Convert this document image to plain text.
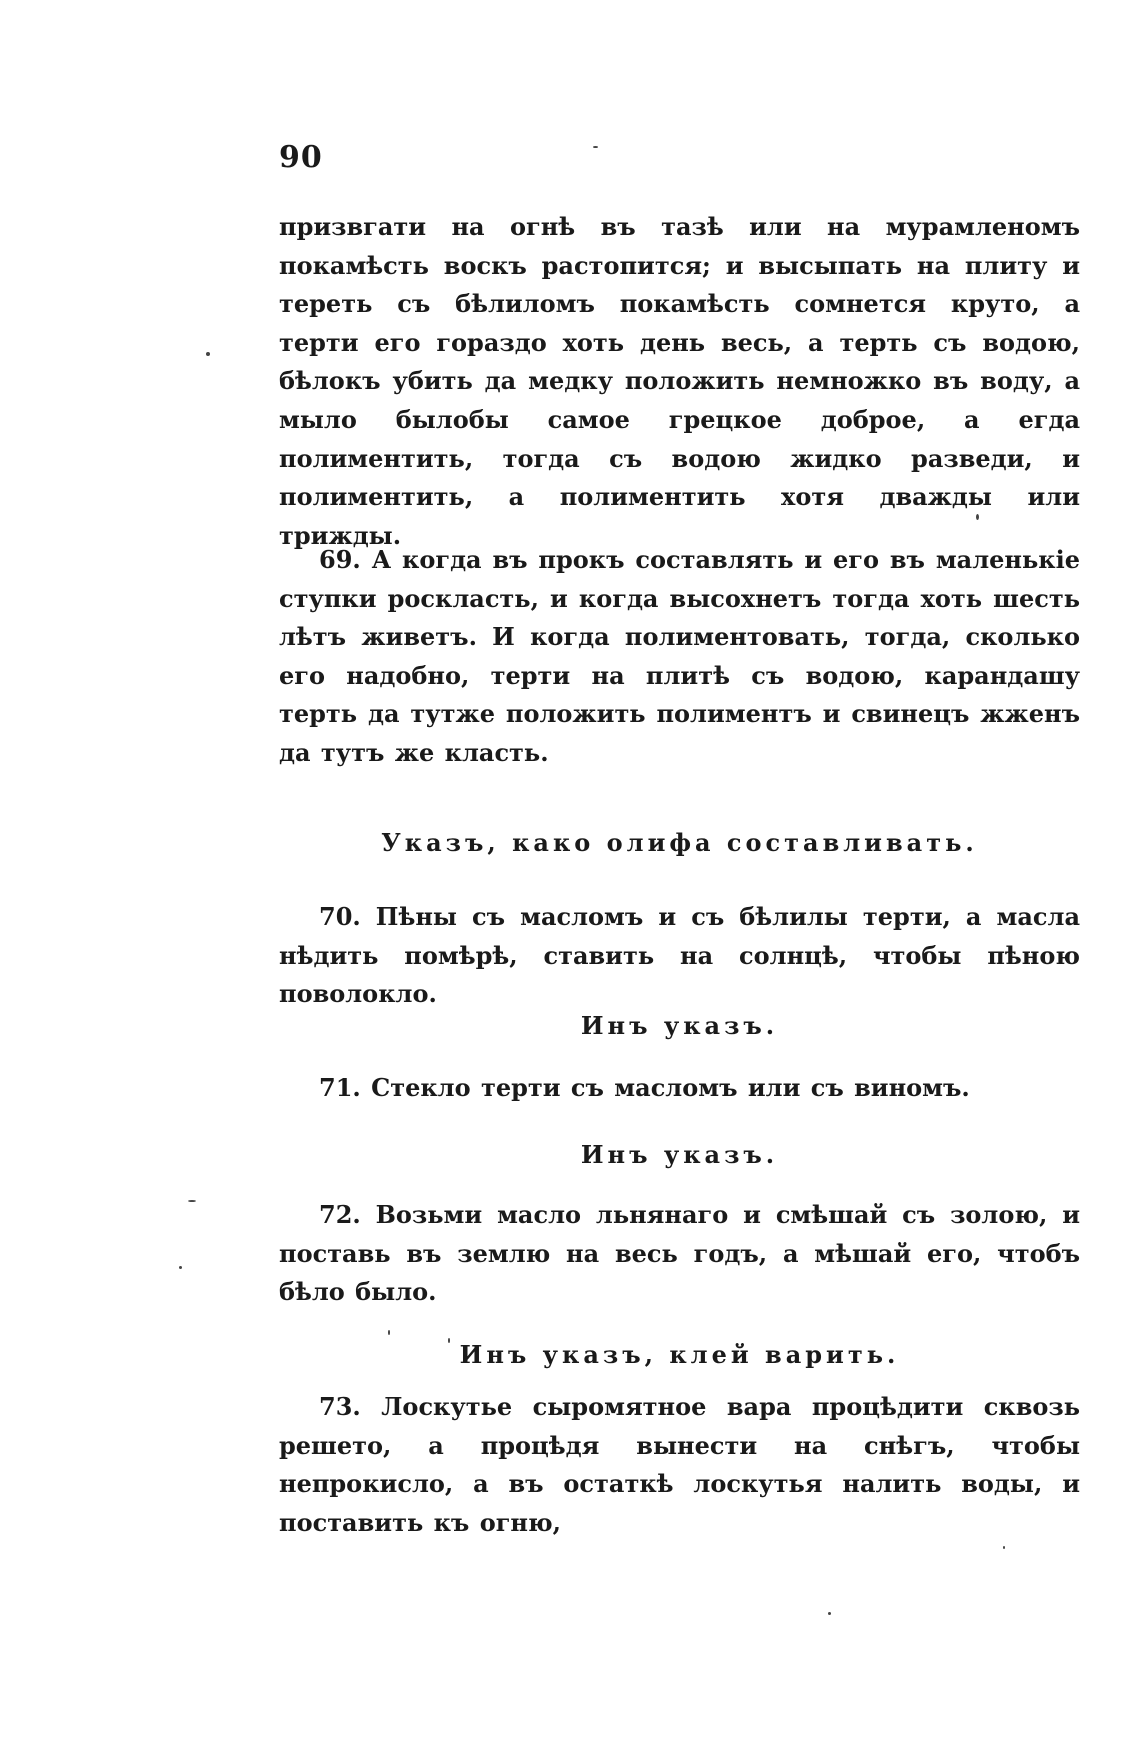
90

призвгати на огнѣ въ тазѣ или на мурамленомъ покамѣсть воскъ растопится; и высыпать на плиту и тереть съ бѣлиломъ покамѣсть сомнется круто, а терти его гораздо хоть день весь, а терть съ водою, бѣлокъ убить да медку положить немножко въ воду, а мыло былобы самое грецкое доброе, а егда полиментить, тогда съ водою жидко разведи, и полиментить, а полиментить хотя дважды или трижды.

69. А когда въ прокъ составлять и его въ маленькіе ступки роскласть, и когда высохнетъ тогда хоть шесть лѣтъ живетъ. И когда полиментовать, тогда, сколько его надобно, терти на плитѣ съ водою, карандашу терть да тутже положить полиментъ и свинецъ жженъ да тутъ же класть.

Указъ, како олифа составливать.

70. Пѣны съ масломъ и съ бѣлилы терти, а масла нѣдить помѣрѣ, ставить на солнцѣ, чтобы пѣною поволокло.

Инъ указъ.

71. Стекло терти съ масломъ или съ виномъ.

Инъ указъ.

72. Возьми масло льнянаго и смѣшай съ золою, и поставь въ землю на весь годъ, а мѣшай его, чтобъ бѣло было.

Инъ указъ, клей варить.

73. Лоскутье сыромятное вара процѣдити сквозь решето, а процѣдя вынести на снѣгъ, чтобы непрокисло, а въ остаткѣ лоскутья налить воды, и поставить къ огню,
